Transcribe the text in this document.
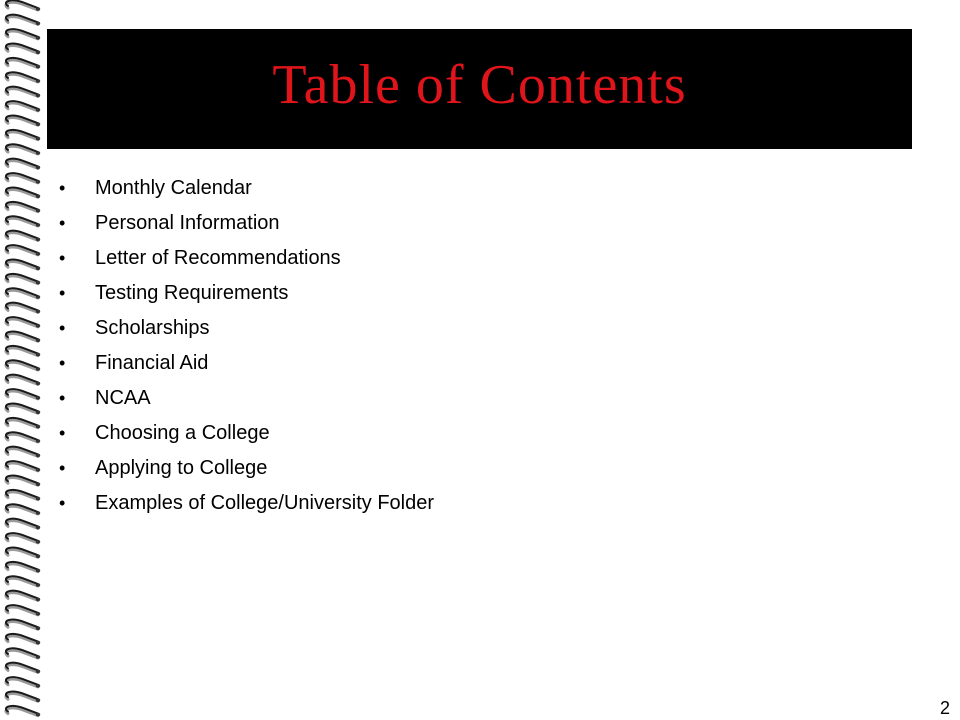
Table of Contents
•	Monthly Calendar
•	Personal Information
•	Letter of Recommendations
•	Testing Requirements
•	Scholarships
•	Financial Aid
•	NCAA
•	Choosing a College
•	Applying to College
•	Examples of College/University Folder
2
